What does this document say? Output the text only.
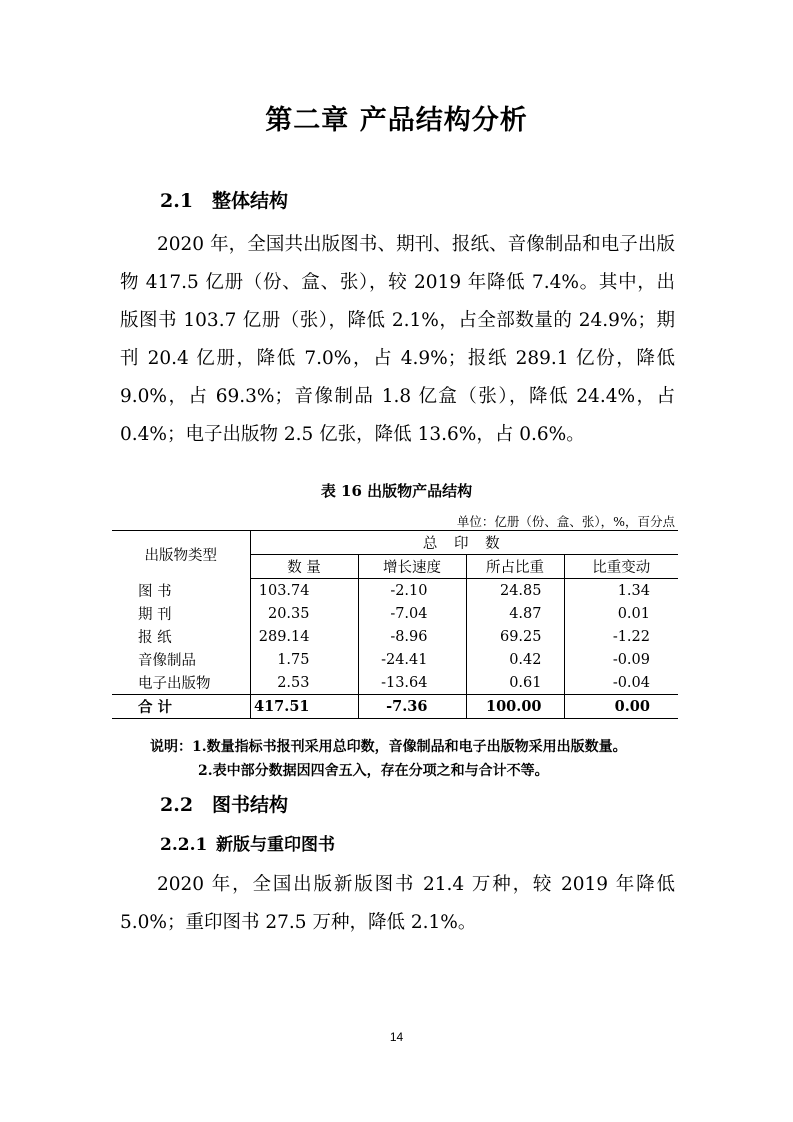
第二章 产品结构分析
2.1 整体结构
2020 年，全国共出版图书、期刊、报纸、音像制品和电子出版物 417.5 亿册（份、盒、张），较 2019 年降低 7.4%。其中，出版图书 103.7 亿册（张），降低 2.1%，占全部数量的 24.9%；期刊 20.4 亿册，降低 7.0%，占 4.9%；报纸 289.1 亿份，降低 9.0%，占 69.3%；音像制品 1.8 亿盒（张），降低 24.4%，占 0.4%；电子出版物 2.5 亿张，降低 13.6%，占 0.6%。
表 16 出版物产品结构
单位：亿册（份、盒、张），%，百分点
出版物类型	总 印 数			
	数 量	增长速度	所占比重	比重变动
图 书	103.74	-2.10	24.85	1.34
期 刊	20.35	-7.04	4.87	0.01
报 纸	289.14	-8.96	69.25	-1.22
音像制品	1.75	-24.41	0.42	-0.09
电子出版物	2.53	-13.64	0.61	-0.04
合 计	417.51	-7.36	100.00	0.00
说明：1.数量指标书报刊采用总印数，音像制品和电子出版物采用出版数量。
2.表中部分数据因四舍五入，存在分项之和与合计不等。
2.2 图书结构
2.2.1 新版与重印图书
2020 年，全国出版新版图书 21.4 万种，较 2019 年降低 5.0%；重印图书 27.5 万种，降低 2.1%。
14
